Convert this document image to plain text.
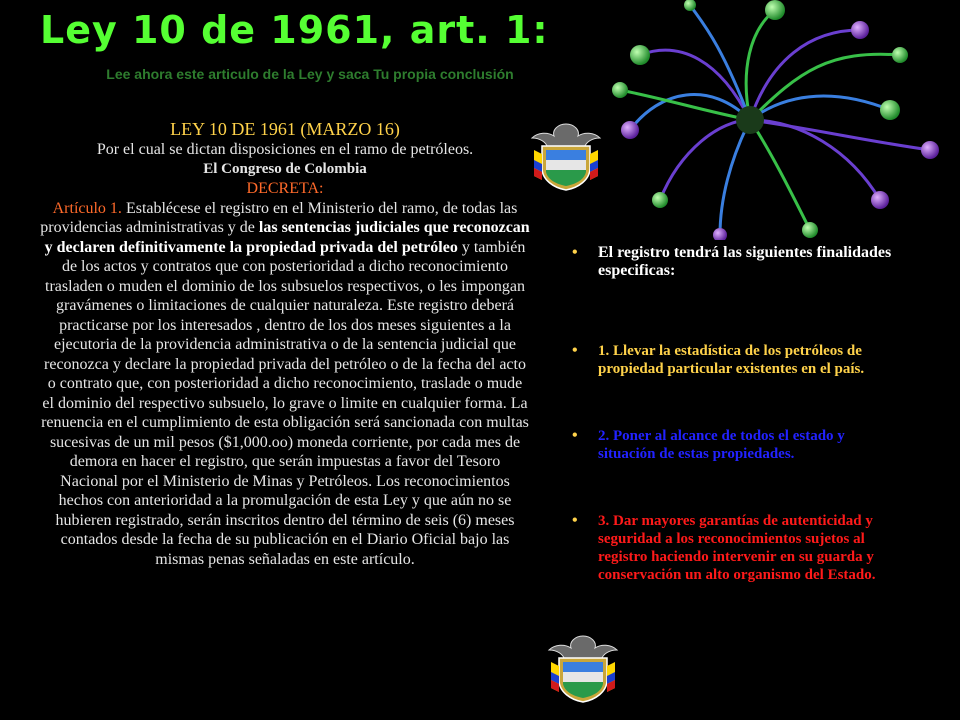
Ley 10 de 1961, art. 1:
Lee ahora este articulo de la Ley y saca Tu propia conclusión
LEY 10 DE 1961 (MARZO 16)
Por el cual se dictan disposiciones en el ramo de petróleos.
El Congreso de Colombia
DECRETA:
Artículo 1. Establécese el registro en el Ministerio del ramo, de todas las providencias administrativas y de las sentencias judiciales que reconozcan y declaren definitivamente la propiedad privada del petróleo y también de los actos y contratos que con posterioridad a dicho reconocimiento trasladen o muden el dominio de los subsuelos respectivos, o les impongan gravámenes o limitaciones de cualquier naturaleza. Este registro deberá practicarse por los interesados , dentro de los dos meses siguientes a la ejecutoria de la providencia administrativa o de la sentencia judicial que reconozca y declare la propiedad privada del petróleo o de la fecha del acto o contrato que, con posterioridad a dicho reconocimiento, traslade o mude el dominio del respectivo subsuelo, lo grave o limite en cualquier forma. La renuencia en el cumplimiento de esta obligación será sancionada con multas sucesivas de un mil pesos ($1,000.oo) moneda corriente, por cada mes de demora en hacer el registro, que serán impuestas a favor del Tesoro Nacional por el Ministerio de Minas y Petróleos. Los reconocimientos hechos con anterioridad a la promulgación de esta Ley y que aún no se hubieren registrado, serán inscritos dentro del término de seis (6) meses contados desde la fecha de su publicación en el Diario Oficial bajo las mismas penas señaladas en este artículo.
• El registro tendrá las siguientes finalidades especificas:
• 1. Llevar la estadística de los petróleos de propiedad particular existentes en el país.
• 2. Poner al alcance de todos el estado y situación de estas propiedades.
• 3. Dar mayores garantías de autenticidad y seguridad a los reconocimientos sujetos al registro haciendo intervenir en su guarda y conservación un alto organismo del Estado.
